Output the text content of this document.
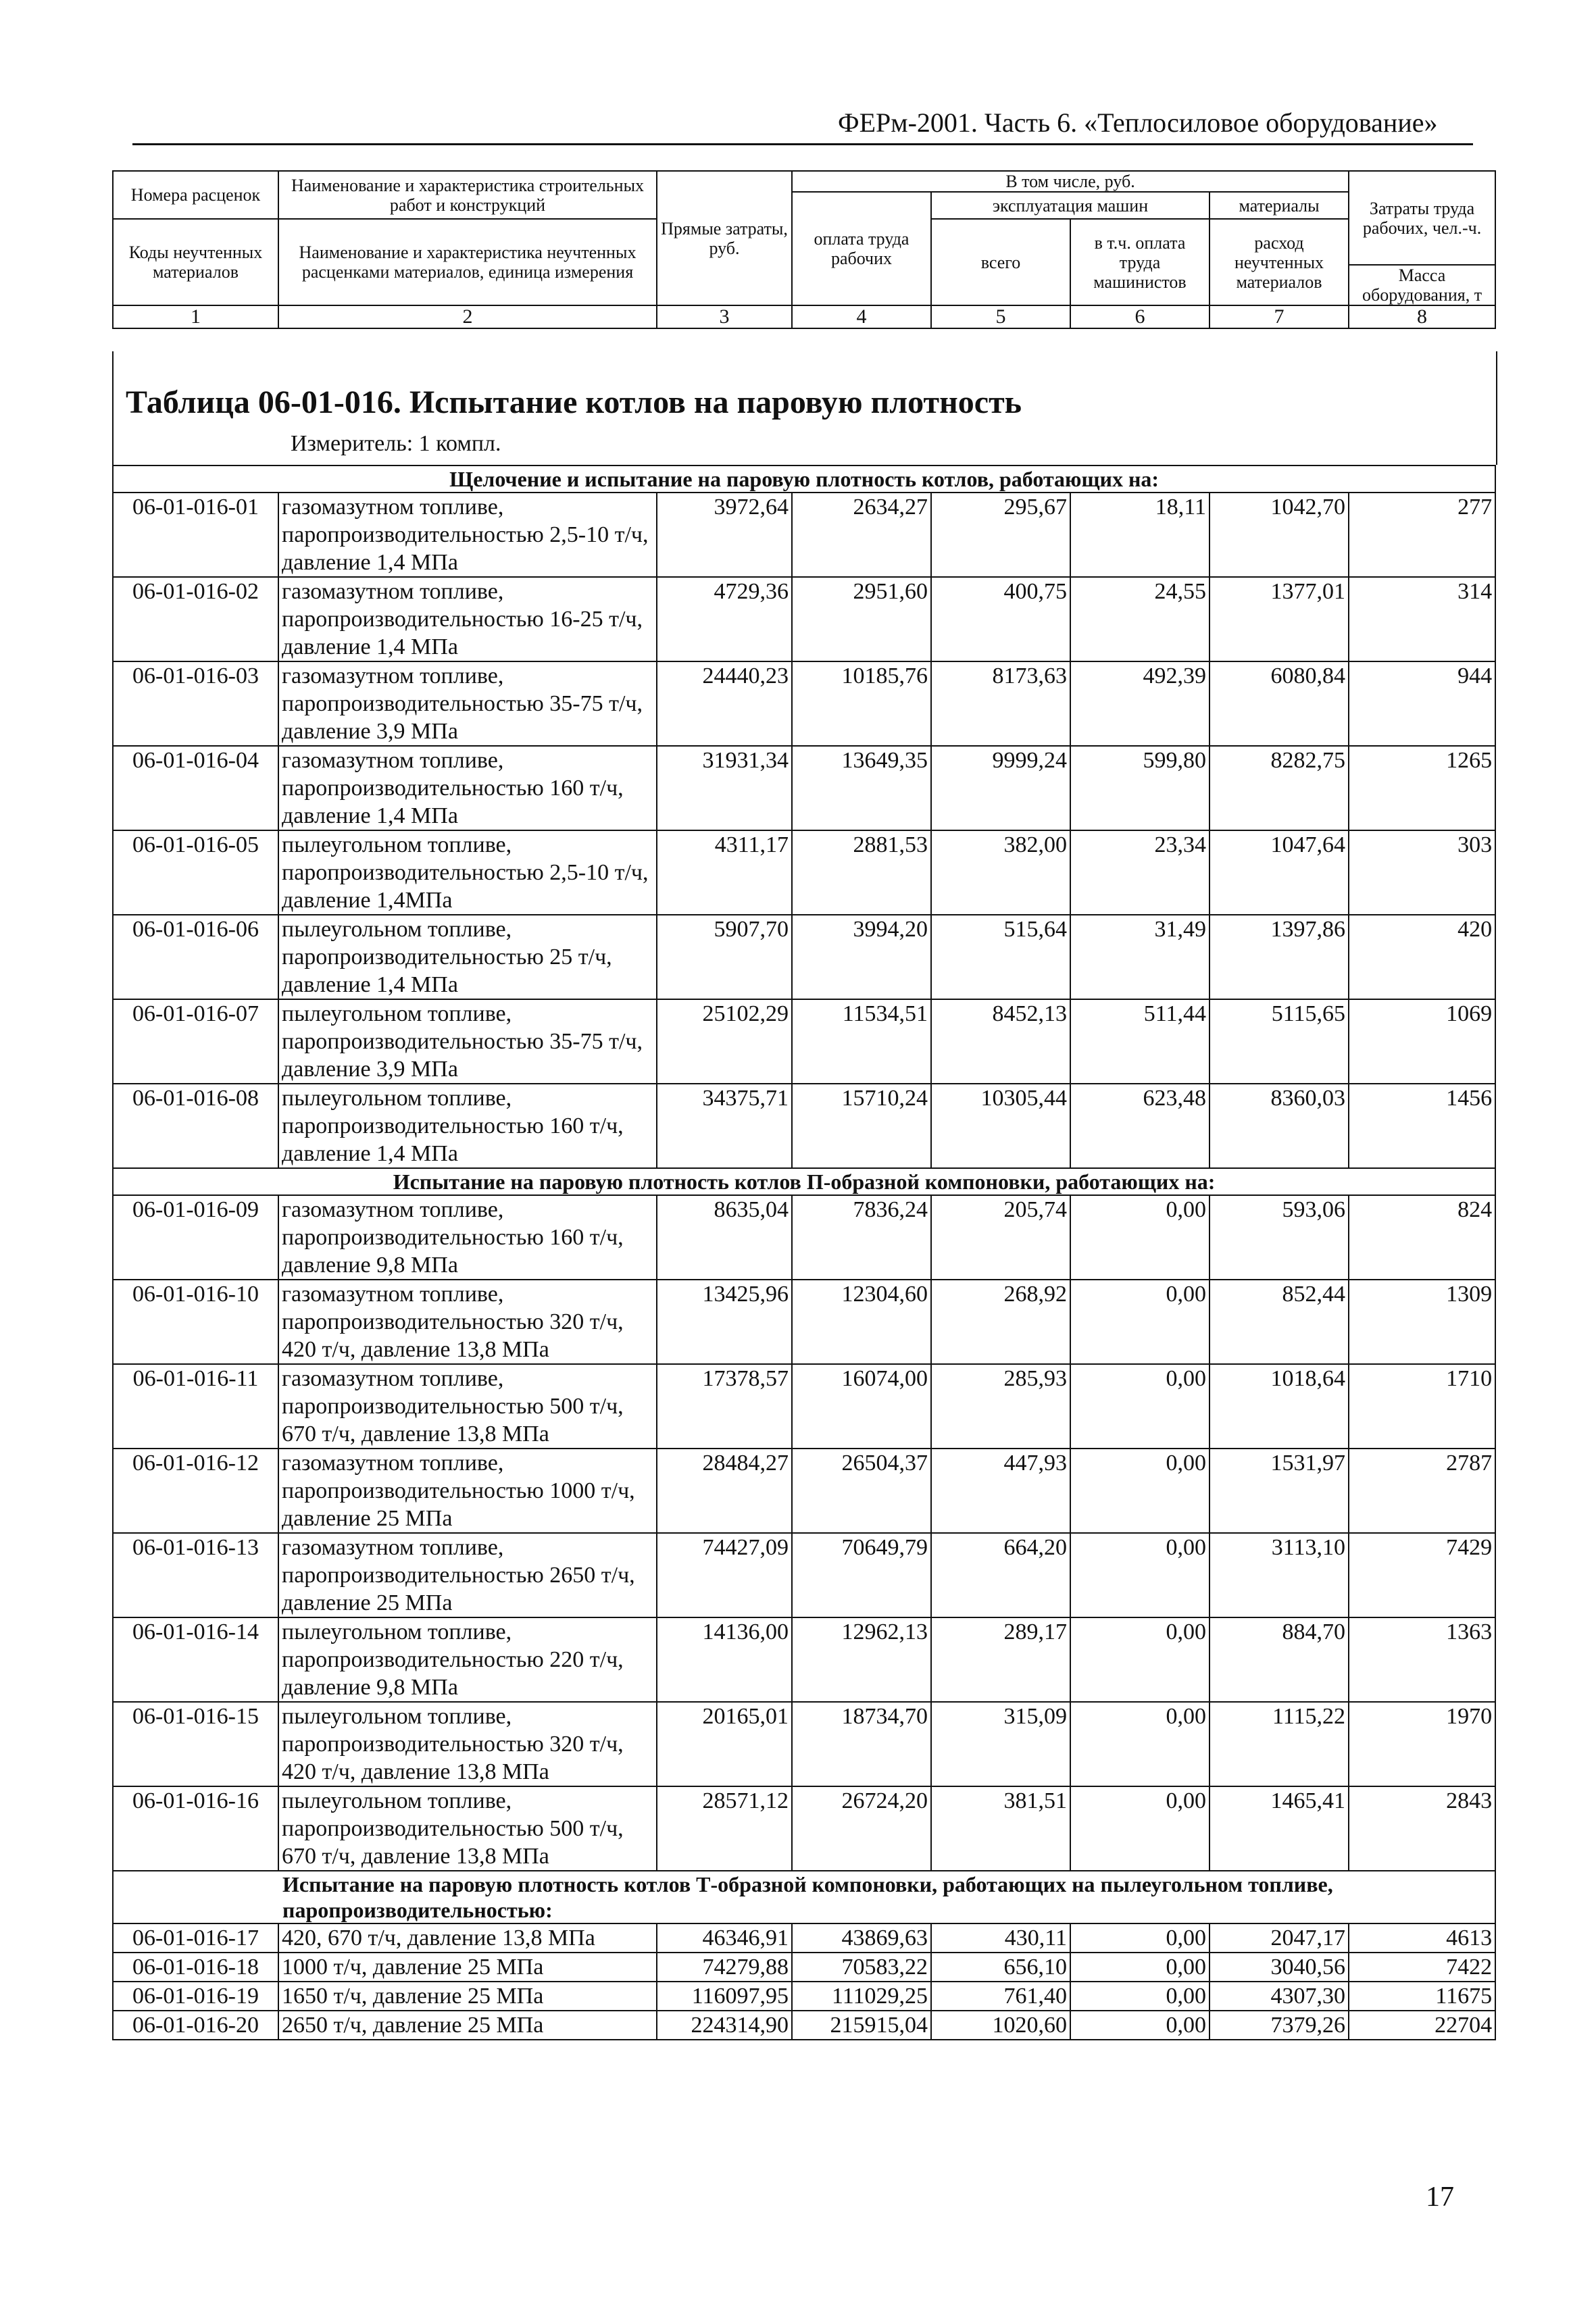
ФЕРм-2001. Часть 6. «Теплосиловое оборудование»
Номера расценок	Наименование и характеристика строительных работ и конструкций	Прямые затраты, руб.	В том числе, руб.				Затраты труда рабочих, чел.-ч.
			оплата труда рабочих	эксплуатация машин		материалы	
Коды неучтенных материалов	Наименование и характеристика неучтенных расценками материалов, единица измерения			всего	в т.ч. оплата труда машинистов	расход неучтенных материалов	
							Масса оборудования, т
1	2	3	4	5	6	7	8
Таблица 06-01-016. Испытание котлов на паровую плотность
Измеритель: 1 компл.
Щелочение и испытание на паровую плотность котлов, работающих на:							
06-01-016-01	газомазутном топливе, паропроизводительностью 2,5-10 т/ч, давление 1,4 МПа	3972,64	2634,27	295,67	18,11	1042,70	277
06-01-016-02	газомазутном топливе, паропроизводительностью 16-25 т/ч, давление 1,4 МПа	4729,36	2951,60	400,75	24,55	1377,01	314
06-01-016-03	газомазутном топливе, паропроизводительностью 35-75 т/ч, давление 3,9 МПа	24440,23	10185,76	8173,63	492,39	6080,84	944
06-01-016-04	газомазутном топливе, паропроизводительностью 160 т/ч, давление 1,4 МПа	31931,34	13649,35	9999,24	599,80	8282,75	1265
06-01-016-05	пылеугольном топливе, паропроизводительностью 2,5-10 т/ч, давление 1,4МПа	4311,17	2881,53	382,00	23,34	1047,64	303
06-01-016-06	пылеугольном топливе, паропроизводительностью 25 т/ч, давление 1,4 МПа	5907,70	3994,20	515,64	31,49	1397,86	420
06-01-016-07	пылеугольном топливе, паропроизводительностью 35-75 т/ч, давление 3,9 МПа	25102,29	11534,51	8452,13	511,44	5115,65	1069
06-01-016-08	пылеугольном топливе, паропроизводительностью 160 т/ч, давление 1,4 МПа	34375,71	15710,24	10305,44	623,48	8360,03	1456
Испытание на паровую плотность котлов П-образной компоновки, работающих на:							
06-01-016-09	газомазутном топливе, паропроизводительностью 160 т/ч, давление 9,8 МПа	8635,04	7836,24	205,74	0,00	593,06	824
06-01-016-10	газомазутном топливе, паропроизводительностью 320 т/ч, 420 т/ч, давление 13,8 МПа	13425,96	12304,60	268,92	0,00	852,44	1309
06-01-016-11	газомазутном топливе, паропроизводительностью 500 т/ч, 670 т/ч, давление 13,8 МПа	17378,57	16074,00	285,93	0,00	1018,64	1710
06-01-016-12	газомазутном топливе, паропроизводительностью 1000 т/ч, давление 25 МПа	28484,27	26504,37	447,93	0,00	1531,97	2787
06-01-016-13	газомазутном топливе, паропроизводительностью 2650 т/ч, давление 25 МПа	74427,09	70649,79	664,20	0,00	3113,10	7429
06-01-016-14	пылеугольном топливе, паропроизводительностью 220 т/ч, давление 9,8 МПа	14136,00	12962,13	289,17	0,00	884,70	1363
06-01-016-15	пылеугольном топливе, паропроизводительностью 320 т/ч, 420 т/ч, давление 13,8 МПа	20165,01	18734,70	315,09	0,00	1115,22	1970
06-01-016-16	пылеугольном топливе, паропроизводительностью 500 т/ч, 670 т/ч, давление 13,8 МПа	28571,12	26724,20	381,51	0,00	1465,41	2843
Испытание на паровую плотность котлов Т-образной компоновки, работающих на пылеугольном топливе, паропроизводительностью:							
06-01-016-17	420, 670 т/ч, давление 13,8 МПа	46346,91	43869,63	430,11	0,00	2047,17	4613
06-01-016-18	1000 т/ч, давление 25 МПа	74279,88	70583,22	656,10	0,00	3040,56	7422
06-01-016-19	1650 т/ч, давление 25 МПа	116097,95	111029,25	761,40	0,00	4307,30	11675
06-01-016-20	2650 т/ч, давление 25 МПа	224314,90	215915,04	1020,60	0,00	7379,26	22704
17
